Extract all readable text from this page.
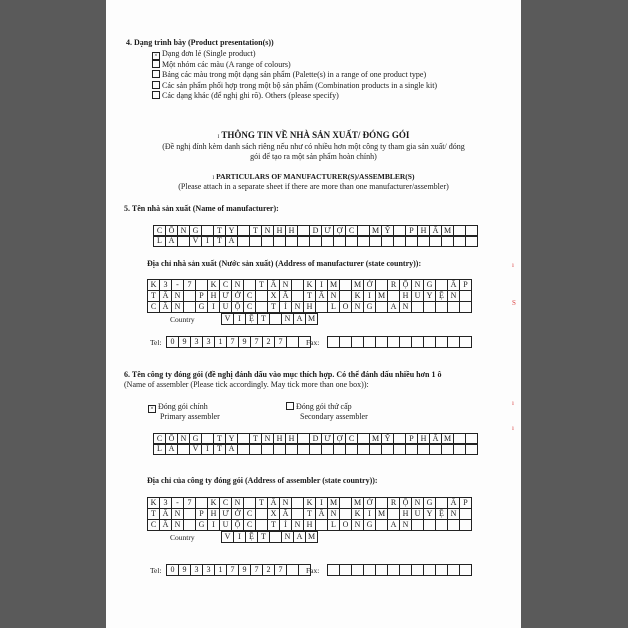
4. Dạng trình bày (Product presentation(s))
× Dạng đơn lẻ (Single product)
Một nhóm các màu (A range of colours)
Bảng các màu trong một dạng sản phẩm (Palette(s) in a range of one product type)
Các sản phẩm phối hợp trong một bộ sản phẩm (Combination products in a single kit)
Các dạng khác (để nghị ghi rõ). Others (please specify)
I THÔNG TIN VỀ NHÀ SẢN XUẤT/ ĐÓNG GÓI
(Đề nghị đính kèm danh sách riêng nếu như có nhiều hơn một công ty tham gia sản xuất/ đóng
gói để tạo ra một sản phẩm hoàn chỉnh)
I PARTICULARS OF MANUFACTURER(S)/ASSEMBLER(S)
(Please attach in a separate sheet if there are more than one manufacturer/assembler)
5. Tên nhà sản xuất (Name of manufacturer):
C Ô N G	T Y	T N H H	D Ư Ợ C	M Ỹ	P H Ẩ M
L A	V I	T A
Địa chỉ nhà sản xuất (Nước sản xuất) (Address of manufacturer (state country)):
K 3	-	7	K C N	T Â N	K I M	M Ở	R Ộ N G	Ấ P
T Â N	P H Ư Ớ C	X Ã	T Â N	K I M	H U Y Ệ N
C Ầ N	G I U Ộ C	T	Ỉ N H	L O N G	A N
Country	V I	Ệ T	N A M
Tel:	0	9	3	3	1	7	9	7	2	7	Fax:
6. Tên công ty đóng gói (đề nghị đánh dấu vào mục thích hợp. Có thể đánh dấu nhiều hơn 1 ô
(Name of assembler (Please tick accordingly. May tick more than one box)):
× Đóng gói chính
Primary assembler
Đóng gói thứ cấp
Secondary assembler
C Ô N G	T Y	T N H H	D Ư Ợ C	M Ỹ	P H Ẩ M
L A	V I	T A
Địa chỉ của công ty đóng gói (Address of assembler (state country)):
K 3	-	7	K C N	T Â N	K I M	M Ở	R Ộ N G	Ấ P
T Â N	P H Ư Ớ C	X Ã	T Â N	K I M	H U Y Ệ N
C Ầ N	G I U Ộ C	T	Ỉ N H	L O N G	A N
Country	V I	Ệ T	N A M
Tel:	0	9	3	3	1	7	9	7	2	7	Fax:
ı
S
ı
ı
